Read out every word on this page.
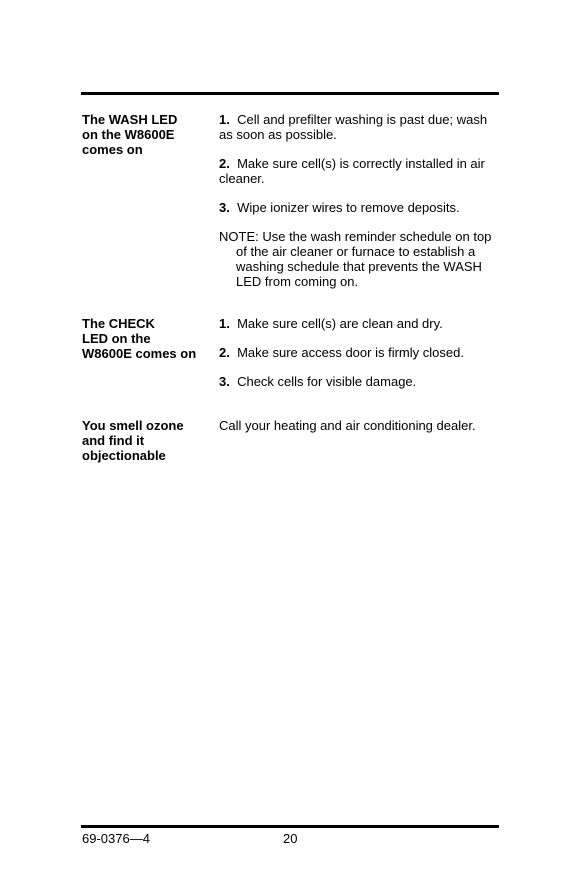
The WASH LED
on the W8600E
comes on

1. Cell and prefilter washing is past due; wash as soon as possible.

2. Make sure cell(s) is correctly installed in air cleaner.

3. Wipe ionizer wires to remove deposits.

NOTE: Use the wash reminder schedule on top of the air cleaner or furnace to establish a washing schedule that prevents the WASH LED from coming on.

The CHECK
LED on the
W8600E comes on

1. Make sure cell(s) are clean and dry.

2. Make sure access door is firmly closed.

3. Check cells for visible damage.

You smell ozone
and find it
objectionable

Call your heating and air conditioning dealer.

69-0376—4	20
